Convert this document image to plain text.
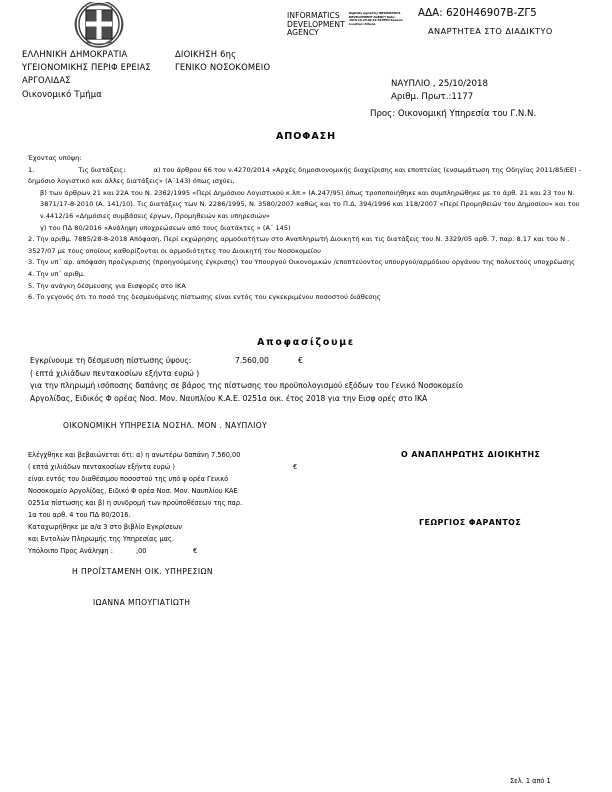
ΕΛΛΗΝΙΚΗ ΔΗΜΟΚΡΑΤΙΑ
ΥΓΕΙΟΝΟΜΙΚΗΣ ΠΕΡΙΦ ΕΡΕΙΑΣ
ΑΡΓΟΛΙΔΑΣ
Οικονομικό Τμήμα
ΔΙΟΙΚΗΣΗ 6ης
ΓΕΝΙΚΟ ΝΟΣΟΚΟΜΕΙΟ
INFORMATICS DEVELOPMENT AGENCY
Digitally signed by INFORMATICS DEVELOPMENT AGENCY Date: 2018.10.25 09:12:38 EEST Reason: Location: Athens
ΑΔΑ: 620Η46907Β-ΖΓ5
ΑΝΑΡΤΗΤΕΑ ΣΤΟ ΔΙΑΔΙΚΤΥΟ
ΝΑΥΠΛΙΟ , 25/10/2018
Αριθμ. Πρωτ.:1177
Προς: Οικονομική Υπηρεσία του Γ.Ν.Ν.
ΑΠΟΦΑΣΗ
Έχοντας υπόψη:
1.	Τις διατάξεις:	α) του άρθρου 66 του ν.4270/2014 «Αρχές δημοσιονομικής διαχείρισης και εποπτείας (ενσωμάτωση της Οδηγίας 2011/85/ΕΕ) - δημόσιο λογιστικό και άλλες διατάξεις» (Α΄143) όπως ισχύει,
β) των άρθρων 21 και 22Α του Ν. 2362/1995 «Περί Δημόσιου Λογιστικού κ.λπ.» (Α.247/95) όπως τροποποιήθηκε και συμπληρώθηκε με το άρθ. 21 και 23 του Ν. 3871/17-8-2010 (Α. 141/10). Τις διατάξεις των Ν. 2286/1995, Ν. 3580/2007 καθώς και το Π.Δ. 394/1996 και 118/2007 «Περί Προμηθειών του Δημοσίου» και του ν.4412/16 «Δημόσιες συμβάσεις έργων, Προμηθειών και υπηρεσιών»
γ) του ΠΔ 80/2016 «Ανάληψη υποχρεώσεων από τους διατάκτες » (Α΄ 145)
2. Την αριθμ. 7885/28-8-2018 Απόφαση, Περί εκχώρησης αρμοδιοτήτων στο Αναπληρωτή Διοικητή και τις διατάξεις του Ν. 3329/05 αρθ. 7, παρ. 8.17 και του Ν . 3527/07 με τους οποίους καθορίζονται οι αρμοδιότητες του Διοικητή του Νοσοκομείου
3. Την υπ΄ αρ. απόφαση προέγκρισης (προηγούμενης έγκρισης) του Υπουργού Οικονομικών /εποπτεύοντος υπουργού/αρμόδιου οργάνου της πολυετούς υποχρέωσης
4. Την υπ΄ αριθμ.
5. Την ανάγκη δέσμευσης για Εισφορές στο ΙΚΑ
6. Το γεγονός ότι το ποσό της δεσμευόμενης πίστωσης είναι εντός του εγκεκριμένου ποσοστού διάθεσης
Αποφασίζουμε
Εγκρίνουμε τη δέσμευση πίστωσης ύψους:	7.560,00	€
( επτά χιλιάδων πεντακοσίων εξήντα ευρώ )
για την πληρωμή ισόποσης δαπάνης σε βάρος της πίστωσης του προϋπολογισμού εξόδων του Γενικό Νοσοκομείο
Αργολίδας, Ειδικός Φ ορέας Νοσ. Μον. Ναυπλίου Κ.Α.Ε. 0251α οικ. έτος 2018 για την Εισφ ορές στο ΙΚΑ
ΟΙΚΟΝΟΜΙΚΗ ΥΠΗΡΕΣΙΑ ΝΟΣΗΛ. ΜΟΝ . ΝΑΥΠΛΙΟΥ
Ελέγχθηκε και βεβαιώνεται ότι: α) η ανωτέρω δαπάνη 7.560,00
( επτά χιλιάδων πεντακοσίων εξήντα ευρώ )	€
είναι εντός του διαθέσιμου ποσοστού της υπό ψ ορέα Γενικό
Νοσοκομείο Αργολίδας, Ειδικό Φ ορέα Νοσ. Μον. Ναυπλίου ΚΑΕ
0251α πίστωσης και β) η συνδρομή των προϋποθέσεων της παρ.
1α του αρθ. 4 του ΠΔ 80/2016.
Καταχωρήθηκε με α/α 3 στο βιβλίο Εγκρίσεων
και Εντολών Πληρωμής της Υπηρεσίας μας.
Υπόλοιπο Προς Ανάληψη :	,00	€
Ο ΑΝΑΠΛΗΡΩΤΗΣ ΔΙΟΙΚΗΤΗΣ
ΓΕΩΡΓΙΟΣ ΦΑΡΑΝΤΟΣ
Η ΠΡΟΪΣΤΑΜΕΝΗ ΟΙΚ. ΥΠΗΡΕΣΙΩΝ
ΙΩΑΝΝΑ ΜΠΟΥΓΙΑΤΙΩΤΗ
Σελ. 1 από 1
